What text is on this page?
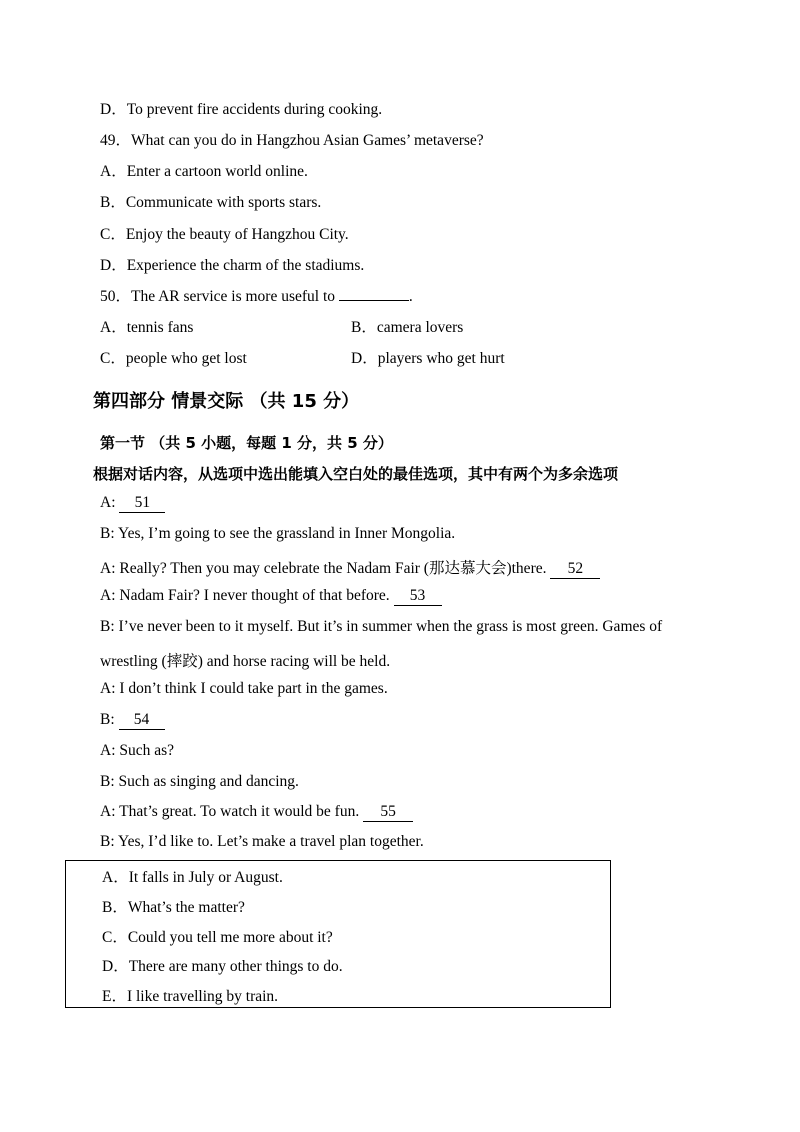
D．To prevent fire accidents during cooking.
49．What can you do in Hangzhou Asian Games’ metaverse?
A．Enter a cartoon world online.
B．Communicate with sports stars.
C．Enjoy the beauty of Hangzhou City.
D．Experience the charm of the stadiums.
50．The AR service is more useful to	.
A．tennis fans	B．camera lovers
C．people who get lost	D．players who get hurt
第四部分 情景交际 （共 15 分）
第一节 （共 5 小题，每题 1 分，共 5 分）
根据对话内容，从选项中选出能填入空白处的最佳选项，其中有两个为多余选项
A: 51
B: Yes, I’m going to see the grassland in Inner Mongolia.
A: Really? Then you may celebrate the Nadam Fair (那达慕大会)there. 52
A: Nadam Fair? I never thought of that before. 53
B: I’ve never been to it myself. But it’s in summer when the grass is most green. Games of
wrestling (摔跤) and horse racing will be held.
A: I don’t think I could take part in the games.
B: 54
A: Such as?
B: Such as singing and dancing.
A: That’s great. To watch it would be fun. 55
B: Yes, I’d like to. Let’s make a travel plan together.
A．It falls in July or August.
B．What’s the matter?
C．Could you tell me more about it?
D．There are many other things to do.
E．I like travelling by train.
